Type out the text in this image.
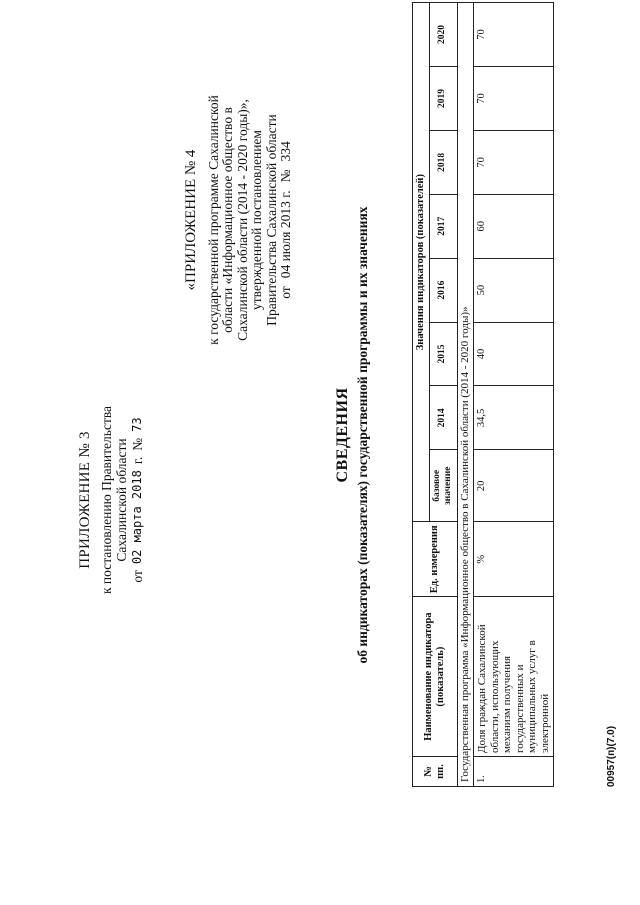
ПРИЛОЖЕНИЕ № 3 к постановлению Правительства Сахалинской области
от
02 марта 2018
г.
№
73
«ПРИЛОЖЕНИЕ № 4 к государственной программе Сахалинской области «Информационное общество в Сахалинской области (2014 - 2020 годы)», утвержденной постановлением Правительства Сахалинской области от
04 июля 2013 г.
№
334
СВЕДЕНИЯ об индикаторах (показателях) государственной программы и их значениях
№ пп.	Наименование индикатора (показатель)	Ед. измерения	Значения индикаторов (показателей)							
			базовое значение	2014	2015	2016	2017	2018	2019	2020
Государственная программа «Информационное общество в Сахалинской области (2014 - 2020 годы)»										
1.	Доля граждан Сахалинской области, использующих механизм получения государственных и муниципальных услуг в электронной	%	20	34,5	40	50	60	70	70	70
00957(п)(7.0)
